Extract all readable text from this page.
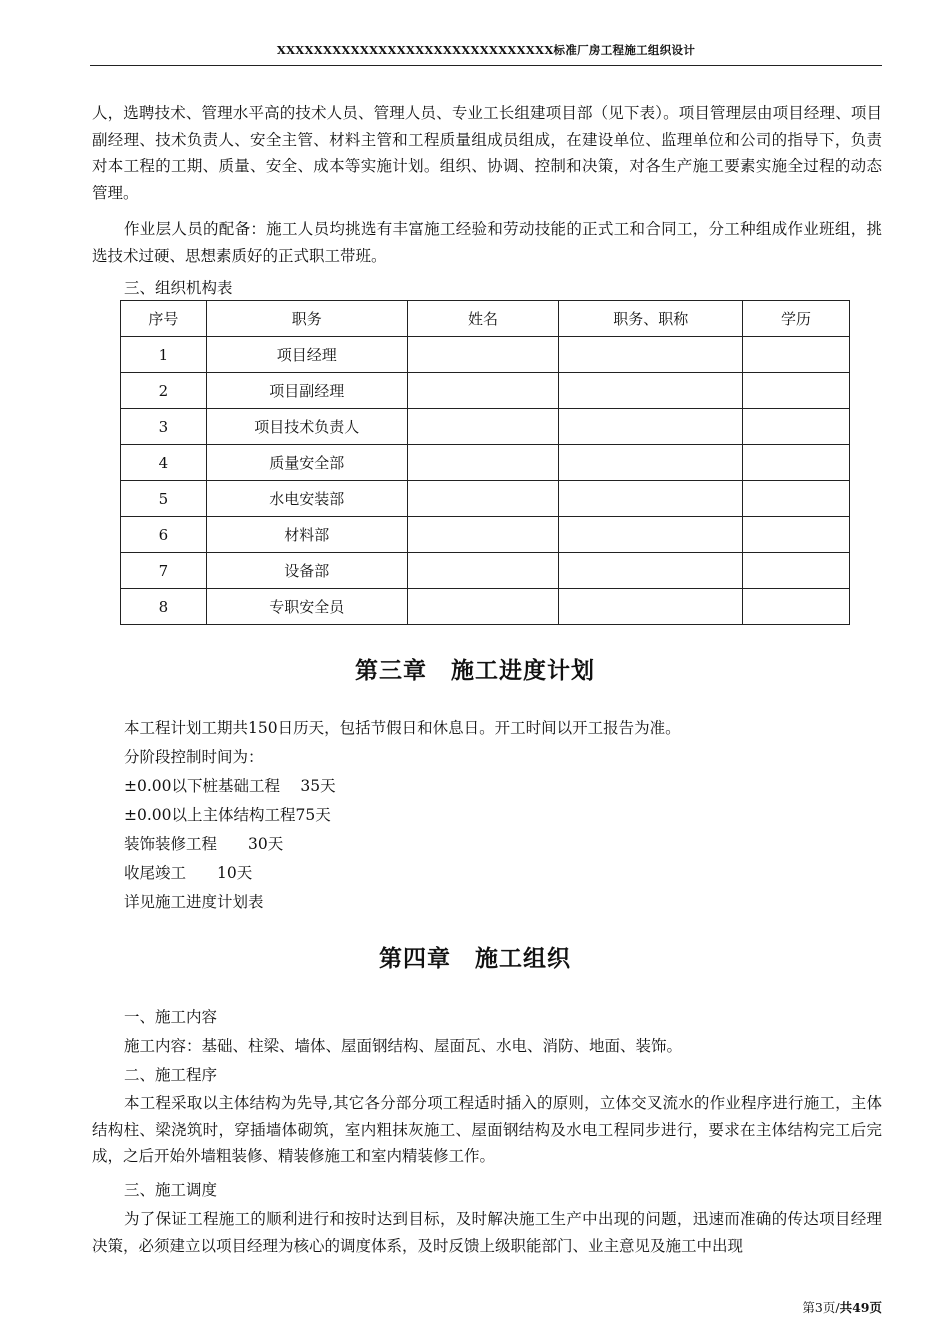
XXXXXXXXXXXXXXXXXXXXXXXXXXXXXX标准厂房工程施工组织设计

人，选聘技术、管理水平高的技术人员、管理人员、专业工长组建项目部（见下表）。项目管理层由项目经理、项目副经理、技术负责人、安全主管、材料主管和工程质量组成员组成，在建设单位、监理单位和公司的指导下，负责对本工程的工期、质量、安全、成本等实施计划。组织、协调、控制和决策，对各生产施工要素实施全过程的动态管理。

作业层人员的配备：施工人员均挑选有丰富施工经验和劳动技能的正式工和合同工，分工种组成作业班组，挑选技术过硬、思想素质好的正式职工带班。

三、组织机构表

序号	职务	姓名	职务、职称	学历
1	项目经理			
2	项目副经理			
3	项目技术负责人			
4	质量安全部			
5	水电安装部			
6	材料部			
7	设备部			
8	专职安全员			
第三章　施工进度计划

本工程计划工期共150日历天，包括节假日和休息日。开工时间以开工报告为准。

分阶段控制时间为：

±0.00以下桩基础工程　 35天

±0.00以上主体结构工程75天

装饰装修工程　　30天

收尾竣工　　10天

详见施工进度计划表

第四章　施工组织

一、施工内容

施工内容：基础、柱梁、墙体、屋面钢结构、屋面瓦、水电、消防、地面、装饰。

二、施工程序

本工程采取以主体结构为先导,其它各分部分项工程适时插入的原则，立体交叉流水的作业程序进行施工，主体结构柱、梁浇筑时，穿插墙体砌筑，室内粗抹灰施工、屋面钢结构及水电工程同步进行，要求在主体结构完工后完成，之后开始外墙粗装修、精装修施工和室内精装修工作。

三、施工调度

为了保证工程施工的顺利进行和按时达到目标，及时解决施工生产中出现的问题，迅速而准确的传达项目经理决策，必须建立以项目经理为核心的调度体系，及时反馈上级职能部门、业主意见及施工中出现

第3页/共49页
